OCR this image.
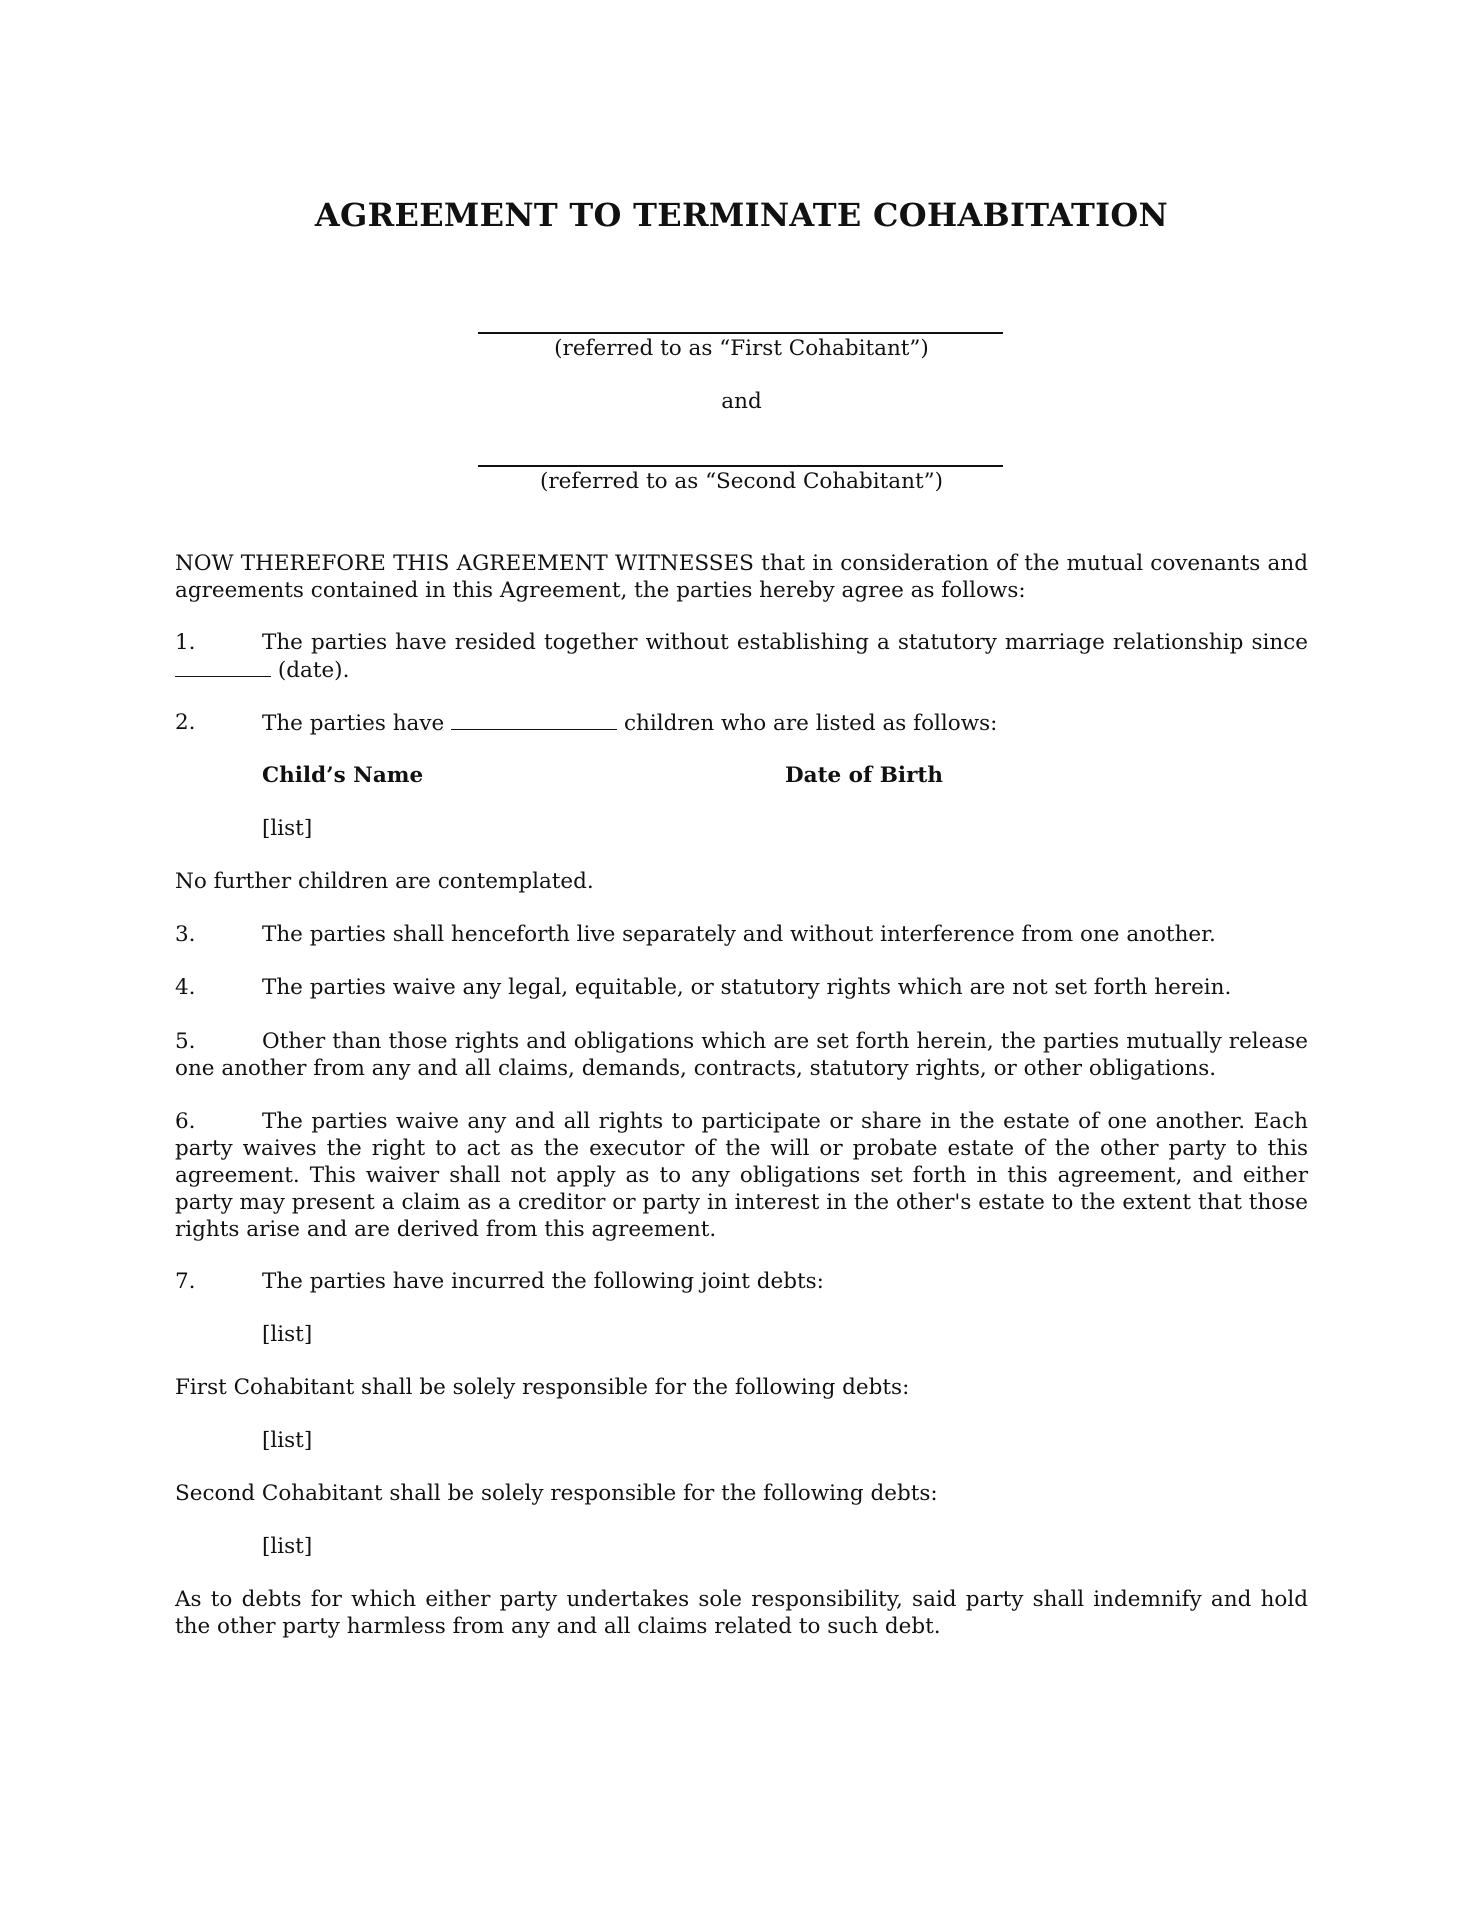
AGREEMENT TO TERMINATE COHABITATION
(referred to as “First Cohabitant”)
and
(referred to as “Second Cohabitant”)
NOW THEREFORE THIS AGREEMENT WITNESSES that in consideration of the mutual covenants and agreements contained in this Agreement, the parties hereby agree as follows:
1.	The parties have resided together without establishing a statutory marriage relationship since
(date).
2.	The parties have	children who are listed as follows:
Child’s Name	Date of Birth
[list]
No further children are contemplated.
3.	The parties shall henceforth live separately and without interference from one another.
4.	The parties waive any legal, equitable, or statutory rights which are not set forth herein.
5.	Other than those rights and obligations which are set forth herein, the parties mutually release one another from any and all claims, demands, contracts, statutory rights, or other obligations.
6.	The parties waive any and all rights to participate or share in the estate of one another. Each party waives the right to act as the executor of the will or probate estate of the other party to this agreement. This waiver shall not apply as to any obligations set forth in this agreement, and either party may present a claim as a creditor or party in interest in the other's estate to the extent that those rights arise and are derived from this agreement.
7.	The parties have incurred the following joint debts:
[list]
First Cohabitant shall be solely responsible for the following debts:
[list]
Second Cohabitant shall be solely responsible for the following debts:
[list]
As to debts for which either party undertakes sole responsibility, said party shall indemnify and hold the other party harmless from any and all claims related to such debt.
